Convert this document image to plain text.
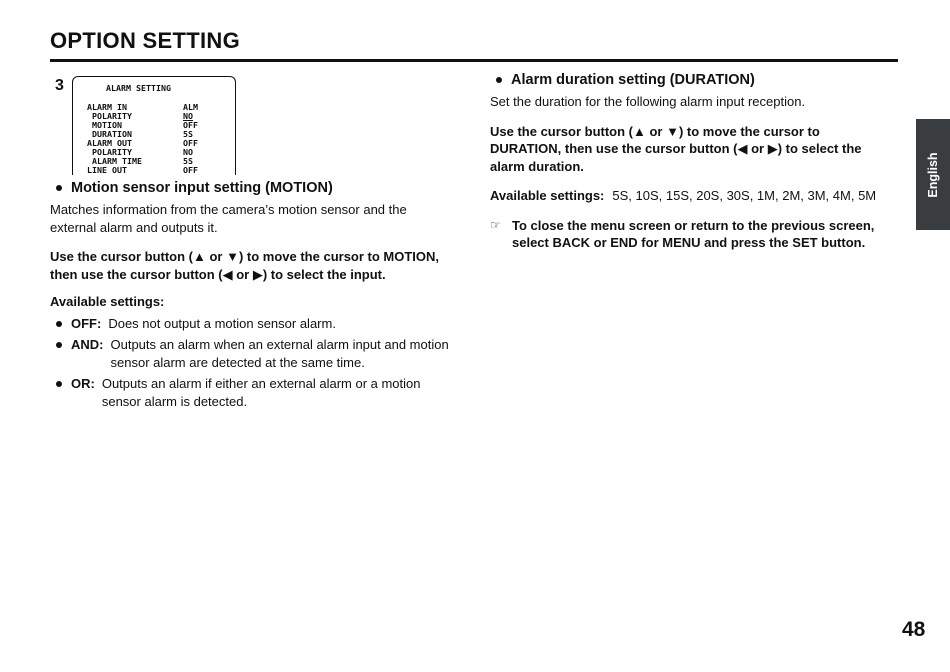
OPTION SETTING
3	ALARM SETTING
ALARM IN	ALM
POLARITY	NO
MOTION	OFF
DURATION	5S
ALARM OUT	OFF
POLARITY	NO
ALARM TIME	5S
LINE OUT	OFF
Motion sensor input setting (MOTION)
Matches information from the camera’s motion sensor and the external alarm and outputs it.
Use the cursor button (▲ or ▼) to move the cursor to MOTION, then use the cursor button (◀ or ▶) to select the input.
Available settings:
OFF: Does not output a motion sensor alarm.
AND: Outputs an alarm when an external alarm input and motion sensor alarm are detected at the same time.
OR: Outputs an alarm if either an external alarm or a motion sensor alarm is detected.
Alarm duration setting (DURATION)
Set the duration for the following alarm input reception.
Use the cursor button (▲ or ▼) to move the cursor to DURATION, then use the cursor button (◀ or ▶) to select the alarm duration.
Available settings: 5S, 10S, 15S, 20S, 30S, 1M, 2M, 3M, 4M, 5M
☞ To close the menu screen or return to the previous screen, select BACK or END for MENU and press the SET button.
English
48
